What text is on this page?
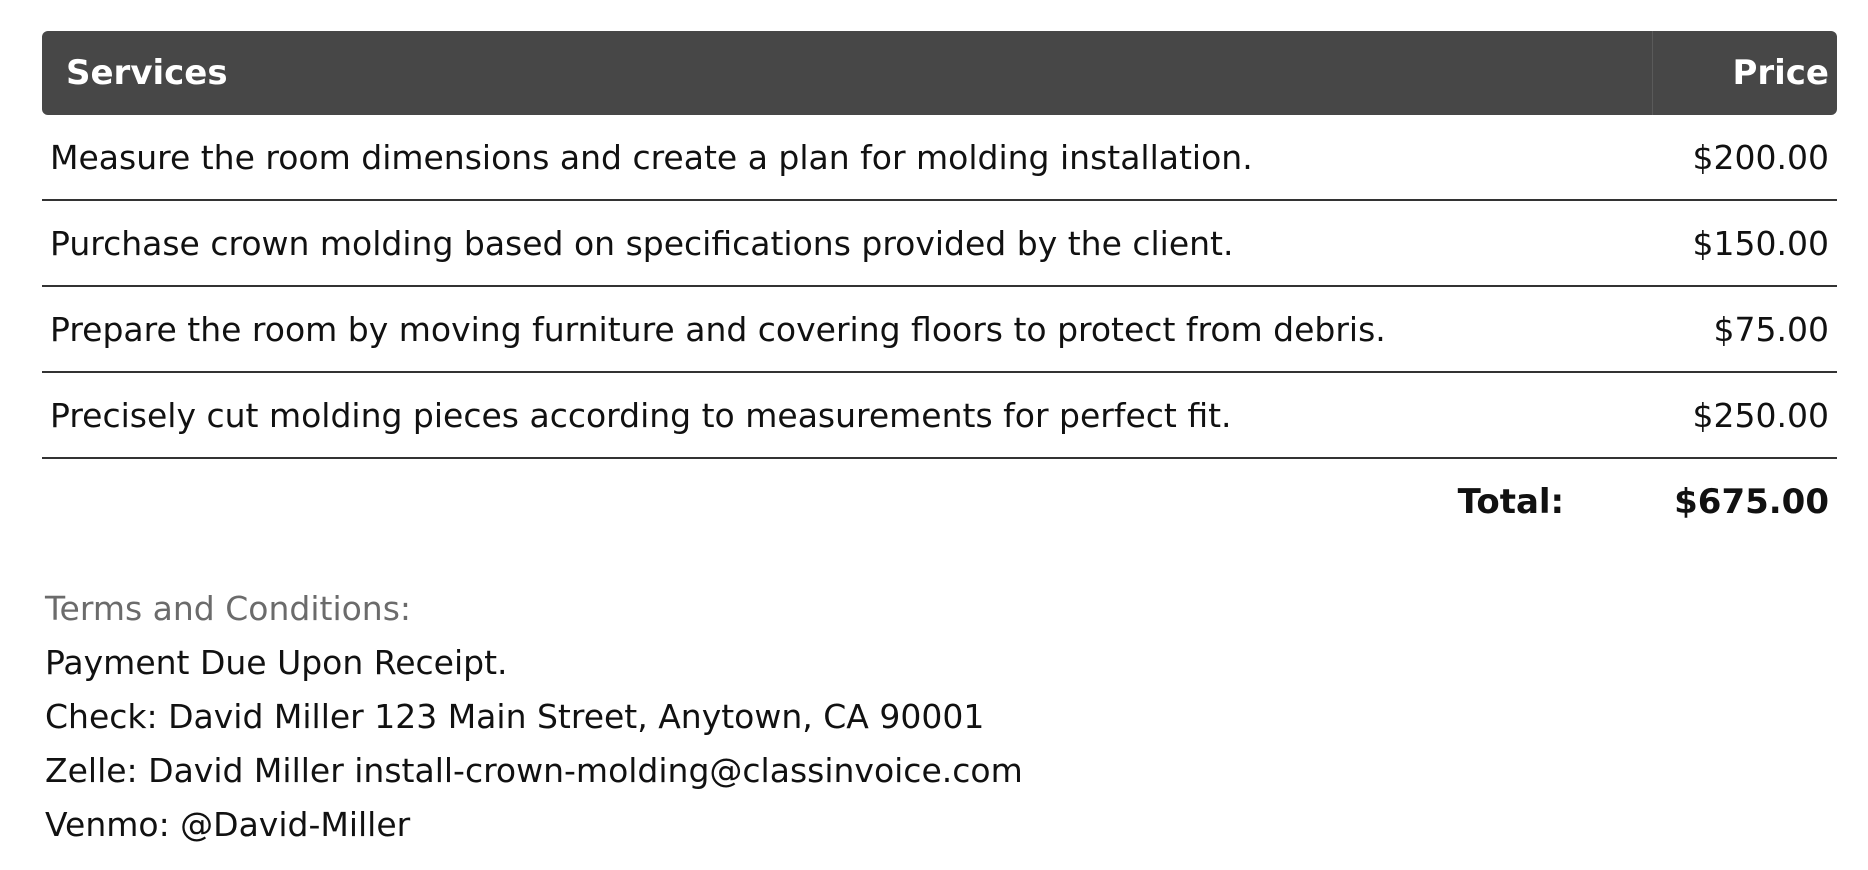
Services	Price
Measure the room dimensions and create a plan for molding installation.	$200.00
Purchase crown molding based on specifications provided by the client.	$150.00
Prepare the room by moving furniture and covering floors to protect from debris.	$75.00
Precisely cut molding pieces according to measurements for perfect fit.	$250.00
Total:	$675.00
Terms and Conditions:
Payment Due Upon Receipt.
Check: David Miller 123 Main Street, Anytown, CA 90001
Zelle: David Miller install-crown-molding@classinvoice.com
Venmo: @David-Miller
